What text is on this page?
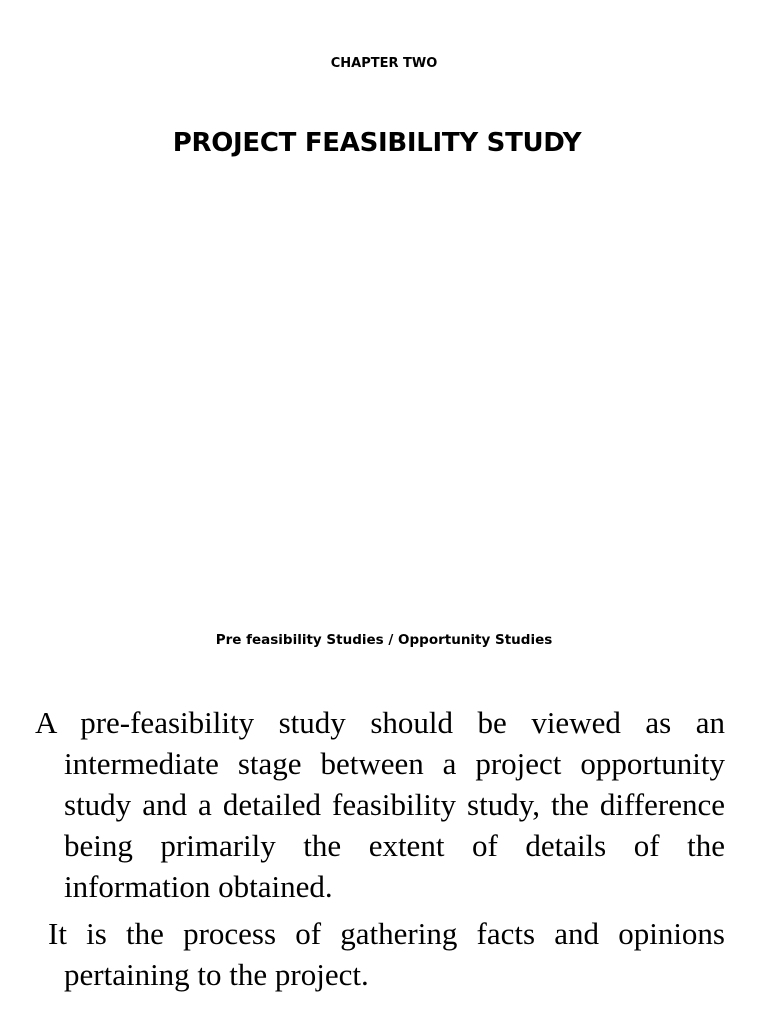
CHAPTER TWO
PROJECT FEASIBILITY STUDY
Pre feasibility Studies / Opportunity Studies

A pre-feasibility study should be viewed as an intermediate stage between a project opportunity study and a detailed feasibility study, the difference being primarily the extent of details of the information obtained.

It is the process of gathering facts and opinions pertaining to the project.
